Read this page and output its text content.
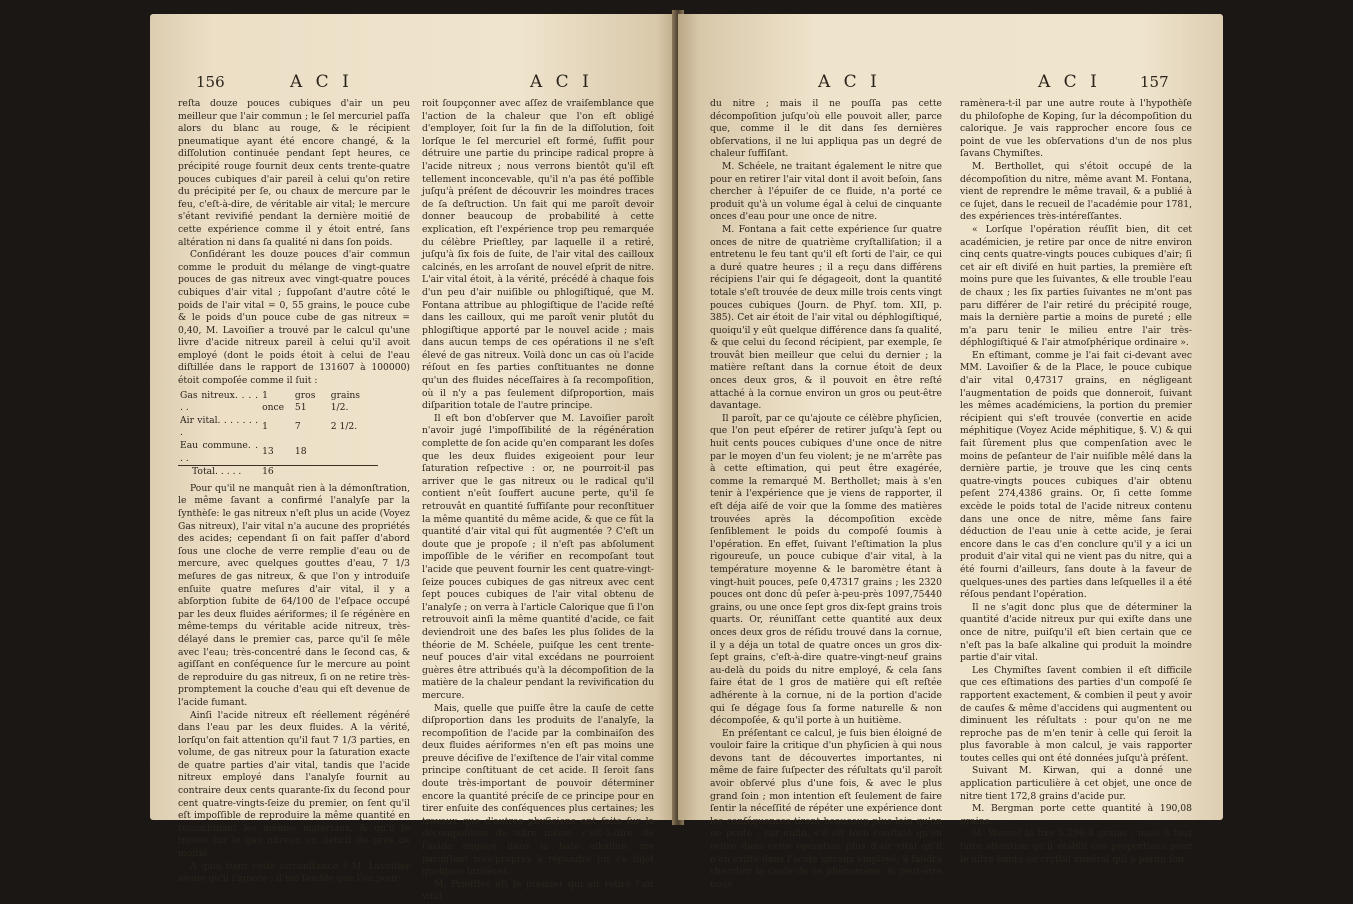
156	A C I	A C I

reſta douze pouces cubiques d'air un peu meilleur que l'air commun ; le ſel mercuriel paſſa alors du blanc au rouge, & le récipient pneumatique ayant été encore changé, & la diſſolution continuée pendant ſept heures, ce précipité rouge fournit deux cents trente-quatre pouces cubiques d'air pareil à celui qu'on retire du précipité per ſe, ou chaux de mercure par le feu, c'eſt-à-dire, de véritable air vital; le mercure s'étant revivifié pendant la dernière moitié de cette expérience comme il y étoit entré, ſans altération ni dans ſa qualité ni dans ſon poids.

Conſidérant les douze pouces d'air commun comme le produit du mélange de vingt-quatre pouces de gas nitreux avec vingt-quatre pouces cubiques d'air vital ; ſuppoſant d'autre côté le poids de l'air vital = 0, 55 grains, le pouce cube & le poids d'un pouce cube de gas nitreux = 0,40, M. Lavoiſier a trouvé par le calcul qu'une livre d'acide nitreux pareil à celui qu'il avoit employé (dont le poids étoit à celui de l'eau diſtillée dans le rapport de 131607 à 100000) étoit compoſée comme il ſuit :

Gas nitreux. . . . . .	1 once	gros 51	grains 1/2.
Air vital. . . . . . . .	1	7	2 1/2.
Eau commune. . . .	13	18	
Total. . . . .	16		

Pour qu'il ne manquât rien à la démonſtration, le même ſavant a confirmé l'analyſe par la ſynthèſe: le gas nitreux n'eſt plus un acide (Voyez Gas nitreux), l'air vital n'a aucune des propriétés des acides; cependant ſi on fait paſſer d'abord ſous une cloche de verre remplie d'eau ou de mercure, avec quelques gouttes d'eau, 7 1/3 meſures de gas nitreux, & que l'on y introduiſe enſuite quatre meſures d'air vital, il y a abſorption ſubite de 64/100 de l'eſpace occupé par les deux fluides aériformes; il ſe régénère en même-temps du véritable acide nitreux, très-délayé dans le premier cas, parce qu'il ſe mêle avec l'eau; très-concentré dans le ſecond cas, & agiſſant en conſéquence ſur le mercure au point de reproduire du gas nitreux, ſi on ne retire très-promptement la couche d'eau qui eſt devenue de l'acide fumant.

Ainſi l'acide nitreux eſt réellement régénéré dans l'eau par les deux fluides. A la vérité, lorſqu'on fait attention qu'il faut 7 1/3 parties, en volume, de gas nitreux pour la ſaturation exacte de quatre parties d'air vital, tandis que l'acide nitreux employé dans l'analyſe fournit au contraire deux cents quarante-ſix du ſecond pour cent quatre-vingts-ſeize du premier, on ſent qu'il eſt impoſſible de reproduire la même quantité en recombinant les mêmes matériaux, & qu'il ſe trouve ſur le gas nitreux un déficit de près de moitié.

A quoi tient cette circonſtance ? M. Lavoiſier avoue qu'il l'ignore : il me ſemble que l'on pour-

roit ſoupçonner avec aſſez de vraiſemblance que l'action de la chaleur que l'on eſt obligé d'employer, ſoit ſur la fin de la diſſolution, ſoit lorſque le ſel mercuriel eſt formé, ſuffit pour détruire une partie du principe radical propre à l'acide nitreux ; nous verrons bientôt qu'il eſt tellement inconcevable, qu'il n'a pas été poſſible juſqu'à préſent de découvrir les moindres traces de ſa deſtruction. Un fait qui me paroît devoir donner beaucoup de probabilité à cette explication, eſt l'expérience trop peu remarquée du célèbre Prieſtley, par laquelle il a retiré, juſqu'à ſix fois de ſuite, de l'air vital des cailloux calcinés, en les arroſant de nouvel eſprit de nitre. L'air vital étoit, à la vérité, précédé à chaque fois d'un peu d'air nuiſible ou phlogiſtiqué, que M. Fontana attribue au phlogiſtique de l'acide reſté dans les cailloux, qui me paroît venir plutôt du phlogiſtique apporté par le nouvel acide ; mais dans aucun temps de ces opérations il ne s'eſt élevé de gas nitreux. Voilà donc un cas où l'acide réſout en ſes parties conſtituantes ne donne qu'un des fluides néceſſaires à ſa recompoſition, où il n'y a pas ſeulement diſproportion, mais diſparition totale de l'autre principe.

Il eſt bon d'obſerver que M. Lavoiſier paroît n'avoir jugé l'impoſſibilité de la régénération complette de ſon acide qu'en comparant les doſes que les deux fluides exigeoient pour leur ſaturation reſpective : or, ne pourroit-il pas arriver que le gas nitreux ou le radical qu'il contient n'eût ſouffert aucune perte, qu'il ſe retrouvât en quantité ſuffiſante pour reconſtituer la même quantité du même acide, & que ce fût la quantité d'air vital qui fût augmentée ? C'eſt un doute que je propoſe ; il n'eſt pas abſolument impoſſible de le vérifier en recompoſant tout l'acide que peuvent fournir les cent quatre-vingt-ſeize pouces cubiques de gas nitreux avec cent ſept pouces cubiques de l'air vital obtenu de l'analyſe ; on verra à l'article Calorique que ſi l'on retrouvoit ainſi la même quantité d'acide, ce fait deviendroit une des baſes les plus ſolides de la théorie de M. Schéele, puiſque les cent trente-neuf pouces d'air vital excédans ne pourroient guères être attribués qu'à la décompoſition de la matière de la chaleur pendant la revivification du mercure.

Mais, quelle que puiſſe être la cauſe de cette diſproportion dans les produits de l'analyſe, la recompoſition de l'acide par la combinaiſon des deux fluides aériformes n'en eſt pas moins une preuve déciſive de l'exiſtence de l'air vital comme principe conſtituant de cet acide. Il ſeroit ſans doute très-important de pouvoir déterminer encore la quantité préciſe de ce principe pour en tirer enſuite des conſéquences plus certaines; les travaux que d'autres phyſiciens ont faits ſur la décompoſition du nitre même, c'eſt-à-dire, de l'acide engagé dans la baſe alkaline, me paroiſſent très-propres à répandre ſur ce ſujet quelques lumières.

M. Prieſtley eſt le premier qui ait retiré l'air vital

A C I	A C I	157

du nitre ; mais il ne pouſſa pas cette décompoſition juſqu'où elle pouvoit aller, parce que, comme il le dit dans ſes dernières obſervations, il ne lui appliqua pas un degré de chaleur ſuffiſant.

M. Schéele, ne traitant également le nitre que pour en retirer l'air vital dont il avoit beſoin, ſans chercher à l'épuiſer de ce fluide, n'a porté ce produit qu'à un volume égal à celui de cinquante onces d'eau pour une once de nitre.

M. Fontana a fait cette expérience ſur quatre onces de nitre de quatrième cryſtalliſation; il a entretenu le feu tant qu'il eſt ſorti de l'air, ce qui a duré quatre heures ; il a reçu dans différens récipiens l'air qui ſe dégageoit, dont la quantité totale s'eſt trouvée de deux mille trois cents vingt pouces cubiques (Journ. de Phyſ. tom. XII, p. 385). Cet air étoit de l'air vital ou déphlogiſtiqué, quoiqu'il y eût quelque différence dans ſa qualité, & que celui du ſecond récipient, par exemple, ſe trouvât bien meilleur que celui du dernier ; la matière reſtant dans la cornue étoit de deux onces deux gros, & il pouvoit en être reſté attaché à la cornue environ un gros ou peut-être davantage.

Il paroît, par ce qu'ajoute ce célèbre phyſicien, que l'on peut eſpérer de retirer juſqu'à ſept ou huit cents pouces cubiques d'une once de nitre par le moyen d'un feu violent; je ne m'arrête pas à cette eſtimation, qui peut être exagérée, comme la remarqué M. Berthollet; mais à s'en tenir à l'expérience que je viens de rapporter, il eſt déja aiſé de voir que la ſomme des matières trouvées après la décompoſition excède ſenſiblement le poids du compoſé ſoumis à l'opération. En effet, ſuivant l'eſtimation la plus rigoureuſe, un pouce cubique d'air vital, à la température moyenne & le baromètre étant à vingt-huit pouces, peſe 0,47317 grains ; les 2320 pouces ont donc dû peſer à-peu-près 1097,75440 grains, ou une once ſept gros dix-ſept grains trois quarts. Or, réuniſſant cette quantité aux deux onces deux gros de réſidu trouvé dans la cornue, il y a déja un total de quatre onces un gros dix-ſept grains, c'eſt-à-dire quatre-vingt-neuf grains au-delà du poids du nitre employé, & cela ſans faire état de 1 gros de matière qui eſt reſtée adhérente à la cornue, ni de la portion d'acide qui ſe dégage ſous ſa forme naturelle & non décompoſée, & qu'il porte à un huitième.

En préſentant ce calcul, je ſuis bien éloigné de vouloir faire la critique d'un phyſicien à qui nous devons tant de découvertes importantes, ni même de faire ſuſpecter des réſultats qu'il paroît avoir obſervé plus d'une fois, & avec le plus grand ſoin ; mon intention eſt ſeulement de faire ſentir la néceſſité de répéter une expérience dont les conſéquences tirent beaucoup plus loin qu'on ne penſe ; car enfin, s'il eſt bien conſtaté qu'on retire dans cette opération plus d'air vital qu'il n'en exiſte dans l'acide nitreux employé, il faudra chercher la cauſe de ce phénomène, & peut-être nous

ramènera-t-il par une autre route à l'hypothèſe du philoſophe de Koping, ſur la décompoſition du calorique. Je vais rapprocher encore ſous ce point de vue les obſervations d'un de nos plus ſavans Chymiſtes.

M. Berthollet, qui s'étoit occupé de la décompoſition du nitre, même avant M. Fontana, vient de reprendre le même travail, & a publié à ce ſujet, dans le recueil de l'académie pour 1781, des expériences très-intéreſſantes.

« Lorſque l'opération réuſſit bien, dit cet académicien, je retire par once de nitre environ cinq cents quatre-vingts pouces cubiques d'air; ſi cet air eſt diviſé en huit parties, la première eſt moins pure que les ſuivantes, & elle trouble l'eau de chaux ; les ſix parties ſuivantes ne m'ont pas paru différer de l'air retiré du précipité rouge, mais la dernière partie a moins de pureté ; elle m'a paru tenir le milieu entre l'air très-déphlogiſtiqué & l'air atmoſphérique ordinaire ».

En eſtimant, comme je l'ai fait ci-devant avec MM. Lavoiſier & de la Place, le pouce cubique d'air vital 0,47317 grains, en négligeant l'augmentation de poids que donneroit, ſuivant les mêmes académiciens, la portion du premier récipient qui s'eſt trouvée (convertie en acide méphitique (Voyez Acide méphitique, §. V.) & qui fait ſûrement plus que compenſation avec le moins de peſanteur de l'air nuiſible mêlé dans la dernière partie, je trouve que les cinq cents quatre-vingts pouces cubiques d'air obtenu peſent 274,4386 grains. Or, ſi cette ſomme excède le poids total de l'acide nitreux contenu dans une once de nitre, même ſans faire déduction de l'eau unie à cette acide, je ſerai encore dans le cas d'en conclure qu'il y a ici un produit d'air vital qui ne vient pas du nitre, qui a été fourni d'ailleurs, ſans doute à la faveur de quelques-unes des parties dans leſquelles il a été réſous pendant l'opération.

Il ne s'agit donc plus que de déterminer la quantité d'acide nitreux pur qui exiſte dans une once de nitre, puiſqu'il eſt bien certain que ce n'eſt pas la baſe alkaline qui produit la moindre partie d'air vital.

Les Chymiſtes ſavent combien il eſt difficile que ces eſtimations des parties d'un compoſé ſe rapportent exactement, & combien il peut y avoir de cauſes & même d'accidens qui augmentent ou diminuent les réſultats : pour qu'on ne me reproche pas de m'en tenir à celle qui ſeroit la plus favorable à mon calcul, je vais rapporter toutes celles qui ont été données juſqu'à préſent.

Suivant M. Kirwan, qui a donné une application particulière à cet objet, une once de nitre tient 172,8 grains d'acide pur.

M. Bergman porte cette quantité à 190,08 grains.

M. Wenzel la fixe à 298,8 grains ; mais il faut faire attention qu'il établit ces proportions pour le nitre fondu ou cryſtal minéral qui a perdu ſon
